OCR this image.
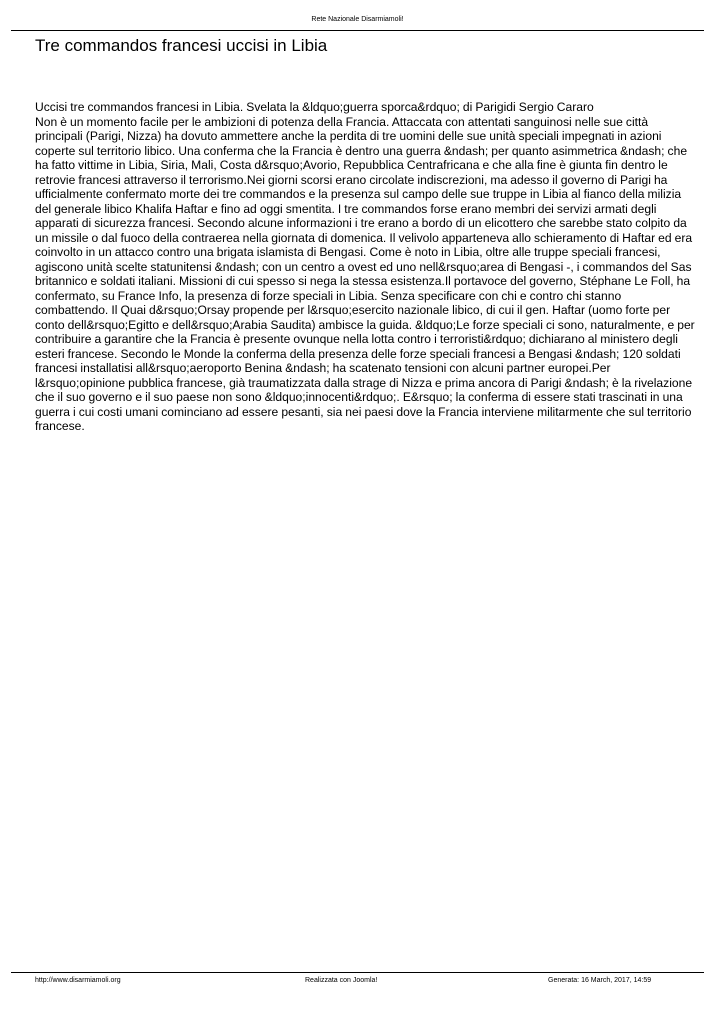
Rete Nazionale Disarmiamoli!
Tre commandos francesi uccisi in Libia

Uccisi tre commandos francesi in Libia. Svelata la &ldquo;guerra sporca&rdquo; di Parigidi Sergio Cararo

Non è un momento facile per le ambizioni di potenza della Francia. Attaccata con attentati sanguinosi nelle sue città principali (Parigi, Nizza) ha dovuto ammettere anche la perdita di tre uomini delle sue unità speciali impegnati in azioni coperte sul territorio libico. Una conferma che la Francia è dentro una guerra &ndash; per quanto asimmetrica &ndash; che ha fatto vittime in Libia, Siria, Mali, Costa d&rsquo;Avorio, Repubblica Centrafricana e che alla fine è giunta fin dentro le retrovie francesi attraverso il terrorismo.Nei giorni scorsi erano circolate indiscrezioni, ma adesso il governo di Parigi ha ufficialmente confermato morte dei tre commandos e la presenza sul campo delle sue truppe in Libia al fianco della milizia del generale libico Khalifa Haftar e fino ad oggi smentita. I tre commandos forse erano membri dei servizi armati degli apparati di sicurezza francesi. Secondo alcune informazioni i tre erano a bordo di un elicottero che sarebbe stato colpito da un missile o dal fuoco della contraerea nella giornata di domenica. Il velivolo apparteneva allo schieramento di Haftar ed era coinvolto in un attacco contro una brigata islamista di Bengasi. Come è noto in Libia, oltre alle truppe speciali francesi, agiscono unità scelte statunitensi &ndash; con un centro a ovest ed uno nell&rsquo;area di Bengasi -, i commandos del Sas britannico e soldati italiani. Missioni di cui spesso si nega la stessa esistenza.Il portavoce del governo, Stéphane Le Foll, ha confermato, su France Info, la presenza di forze speciali in Libia. Senza specificare con chi e contro chi stanno combattendo. Il Quai d&rsquo;Orsay propende per l&rsquo;esercito nazionale libico, di cui il gen. Haftar (uomo forte per conto dell&rsquo;Egitto e dell&rsquo;Arabia Saudita) ambisce la guida. &ldquo;Le forze speciali ci sono, naturalmente, e per contribuire a garantire che la Francia è presente ovunque nella lotta contro i terroristi&rdquo; dichiarano al ministero degli esteri francese. Secondo le Monde la conferma della presenza delle forze speciali francesi a Bengasi &ndash; 120 soldati francesi installatisi all&rsquo;aeroporto Benina &ndash; ha scatenato tensioni con alcuni partner europei.Per l&rsquo;opinione pubblica francese, già traumatizzata dalla strage di Nizza e prima ancora di Parigi &ndash; è la rivelazione che il suo governo e il suo paese non sono &ldquo;innocenti&rdquo;. E&rsquo; la conferma di essere stati trascinati in una guerra i cui costi umani cominciano ad essere pesanti, sia nei paesi dove la Francia interviene militarmente che sul territorio francese.

http://www.disarmiamoli.org	Realizzata con Joomla!	Generata: 16 March, 2017, 14:59
